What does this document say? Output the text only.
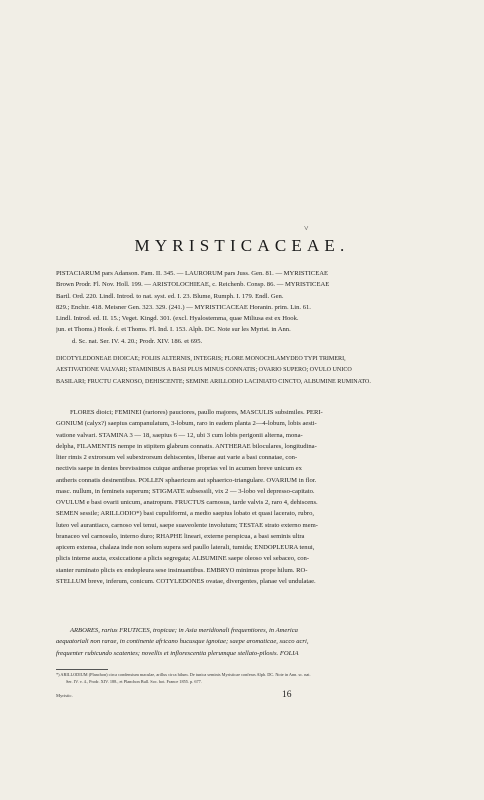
˅
MYRISTICACEAE.
PISTACIARUM pars Adanson. Fam. II. 345. — LAURORUM pars Juss. Gen. 81. — MYRISTICEAE
Brown Prodr. Fl. Nov. Holl. 199. — ARISTOLOCHIEAE, c. Reichenb. Consp. 86. — MYRISTICEAE
Bartl. Ord. 220. Lindl. Introd. to nat. syst. ed. I. 23. Blume, Rumph. I. 179. Endl. Gen.
829.; Enchir. 418. Meisner Gen. 323. 329. (241.) — MYRISTICACEAE Horanin. prim. Lin. 61.
Lindl. Introd. ed. II. 15.; Veget. Kingd. 301. (excl. Hyalostemma, quae Miliusa est ex Hook.
jun. et Thoms.) Hook. f. et Thoms. Fl. Ind. I. 153. Alph. DC. Note sur les Myrist. in Ann.
d. Sc. nat. Ser. IV. 4. 20.; Prodr. XIV. 186. et 695.
DICOTYLEDONEAE DIOICAE; FOLIIS ALTERNIS, INTEGRIS; FLORE MONOCHLAMYDEO TYPI TRIMERI,
AESTIVATIONE VALVARI; STAMINIBUS A BASI PLUS MINUS CONNATIS; OVARIO SUPERO; OVULO UNICO
BASILARI; FRUCTU CARNOSO, DEHISCENTE; SEMINE ARILLODIO LACINIATO CINCTO, ALBUMINE RUMINATO.
FLORES dioici; FEMINEI (rariores) pauciores, paullo majores, MASCULIS subsimiles. PERI-
GONIUM (calyx?) saepius campanulatum, 3-lobum, raro in eadem planta 2—4-lobum, lobis aesti-
vatione valvari. STAMINA 3 — 18, saepius 6 — 12, ubi 3 cum lobis perigonii alterna, mona-
delpha, FILAMENTIS nempe in stipitem glabrum connatis. ANTHERAE biloculares, longitudina-
liter rimis 2 extrorsum vel subextrorsum dehiscentes, liberae aut varie a basi connatae, con-
nectivis saepe in dentes brevissimos cuique antherae proprias vel in acumen breve unicum ex
antheris connatis desinentibus. POLLEN sphaericum aut sphaerico-triangulare. OVARIUM in flor.
masc. nullum, in femineis superum; STIGMATE subsessili, vix 2 — 3-lobo vel depresso-capitato.
OVULUM e basi ovarii unicum, anatropum. FRUCTUS carnosus, tarde valvis 2, raro 4, dehiscens.
SEMEN sessile; ARILLODIO*) basi cupuliformi, a medio saepius lobato et quasi lacerato, rubro,
luteo vel aurantiaco, carnoso vel tenui, saepe suaveolente involutum; TESTAE strato externo mem-
branaceo vel carnosulo, interno duro; RHAPHE lineari, externe perspicua, a basi seminis ultra
apicem extensa, chalaza inde non solum supera sed paullo laterali, tumida; ENDOPLEURA tenui,
plicis interne aucta, exsiccatione a plicis segregata; ALBUMINE saepe oleoso vel sebaceo, con-
stanter ruminato plicis ex endopleura sese insinuantibus. EMBRYO minimus prope hilum. RO-
STELLUM breve, inferum, conicum. COTYLEDONES ovatae, divergentes, planae vel undulatae.
ARBORES, rarius FRUTICES, tropicae; in Asia meridionali frequentiores, in America
aequatoriali non rarae, in continente africano hucusque ignotae; saepe aromaticae, succo acri,
frequenter rubicundo scatentes; novellis et inflorescentia plerumque stellato-pilosis. FOLIA
*) ARILLODIUM (Planchon) circa condensium maculae, arillus circa hilum. De tunica seminis Myristicae conferas Alph. DC. Note in Ann. sc. nat.
Ser. IV. v. 4., Prodr. XIV. 188., et Planchon Bull. Soc. bot. France 1855. p. 677.
Myristic.	16
